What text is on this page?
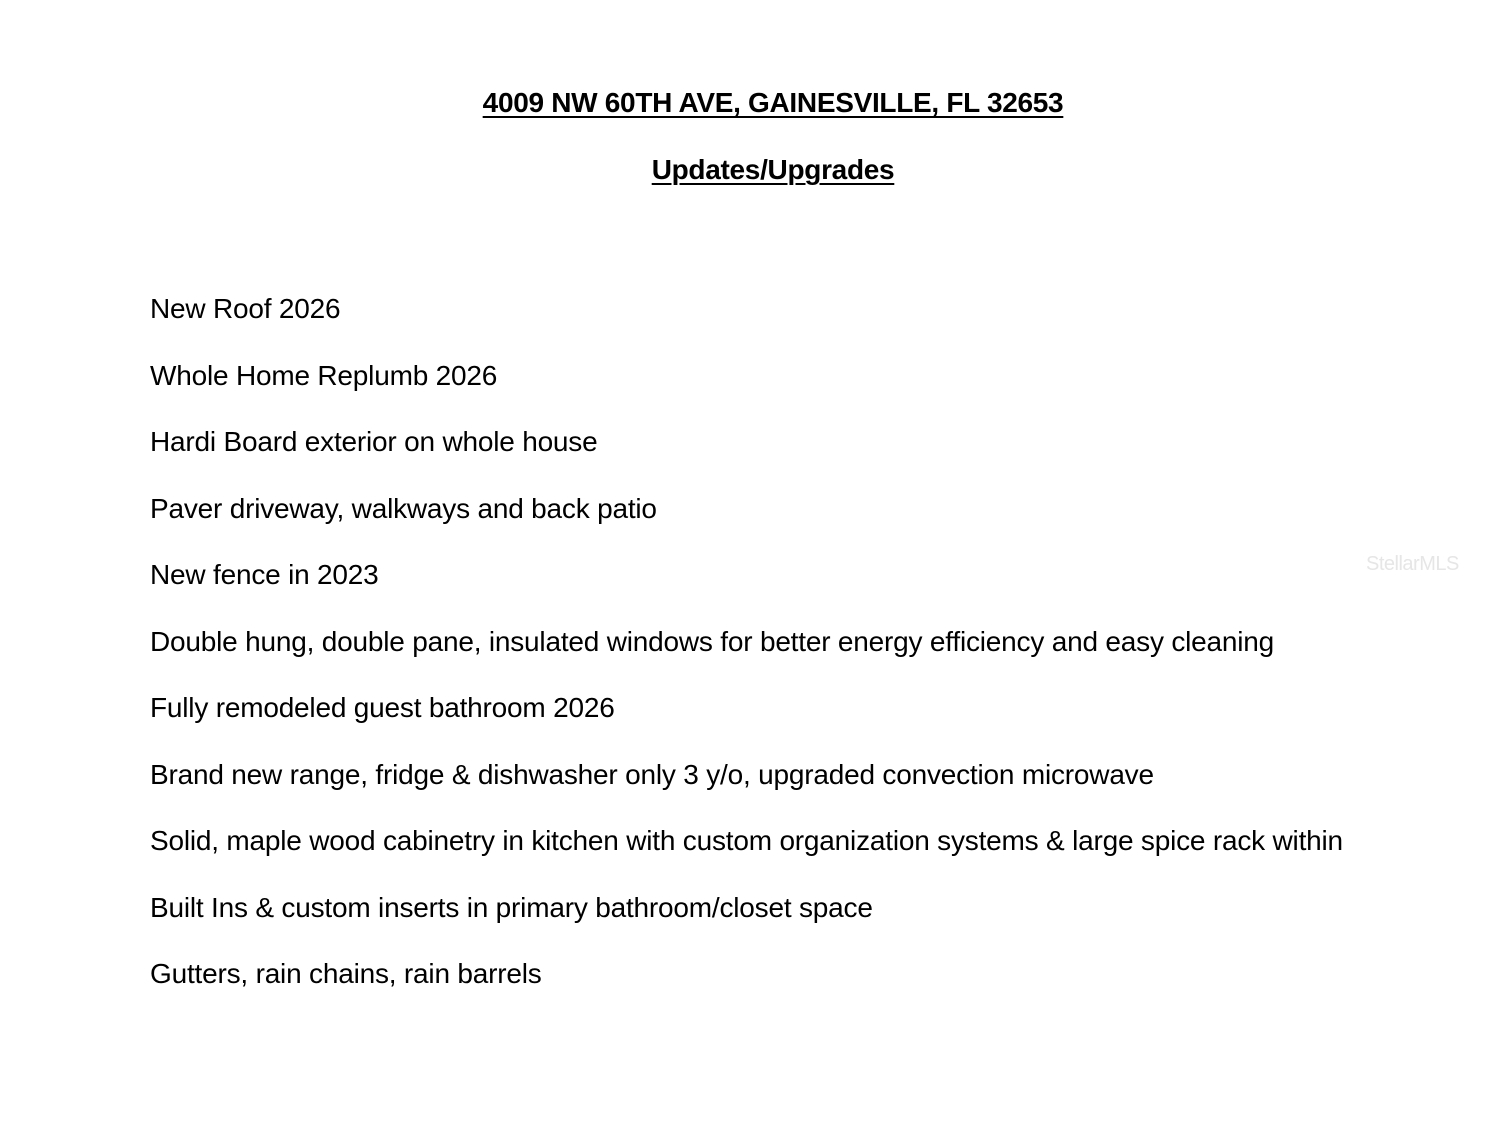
4009 NW 60TH AVE, GAINESVILLE, FL 32653
Updates/Upgrades
New Roof 2026
Whole Home Replumb 2026
Hardi Board exterior on whole house
Paver driveway, walkways and back patio
New fence in 2023
Double hung, double pane, insulated windows for better energy efficiency and easy cleaning
Fully remodeled guest bathroom 2026
Brand new range, fridge & dishwasher only 3 y/o, upgraded convection microwave
Solid, maple wood cabinetry in kitchen with custom organization systems & large spice rack within
Built Ins & custom inserts in primary bathroom/closet space
Gutters, rain chains, rain barrels
StellarMLS
